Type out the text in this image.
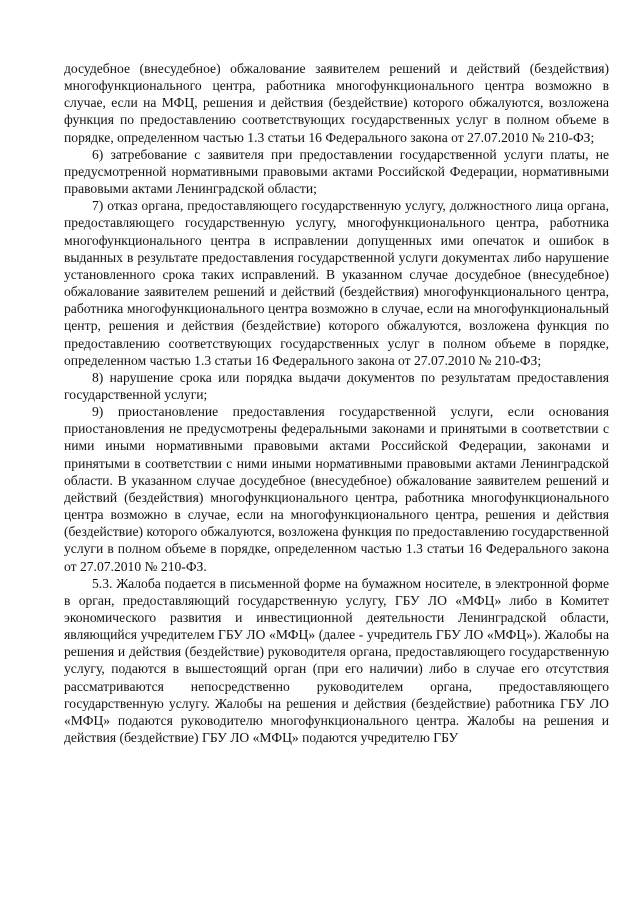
досудебное (внесудебное) обжалование заявителем решений и действий (бездействия) многофункционального центра, работника многофункционального центра возможно в случае, если на МФЦ, решения и действия (бездействие) которого обжалуются, возложена функция по предоставлению соответствующих государственных услуг в полном объеме в порядке, определенном частью 1.3 статьи 16 Федерального закона от 27.07.2010 № 210-ФЗ;

6) затребование с заявителя при предоставлении государственной услуги платы, не предусмотренной нормативными правовыми актами Российской Федерации, нормативными правовыми актами Ленинградской области;

7) отказ органа, предоставляющего государственную услугу, должностного лица органа, предоставляющего государственную услугу, многофункционального центра, работника многофункционального центра в исправлении допущенных ими опечаток и ошибок в выданных в результате предоставления государственной услуги документах либо нарушение установленного срока таких исправлений. В указанном случае досудебное (внесудебное) обжалование заявителем решений и действий (бездействия) многофункционального центра, работника многофункционального центра возможно в случае, если на многофункциональный центр, решения и действия (бездействие) которого обжалуются, возложена функция по предоставлению соответствующих государственных услуг в полном объеме в порядке, определенном частью 1.3 статьи 16 Федерального закона от 27.07.2010 № 210-ФЗ;

8) нарушение срока или порядка выдачи документов по результатам предоставления государственной услуги;

9) приостановление предоставления государственной услуги, если основания приостановления не предусмотрены федеральными законами и принятыми в соответствии с ними иными нормативными правовыми актами Российской Федерации, законами и принятыми в соответствии с ними иными нормативными правовыми актами Ленинградской области. В указанном случае досудебное (внесудебное) обжалование заявителем решений и действий (бездействия) многофункционального центра, работника многофункционального центра возможно в случае, если на многофункционального центра, решения и действия (бездействие) которого обжалуются, возложена функция по предоставлению государственной услуги в полном объеме в порядке, определенном частью 1.3 статьи 16 Федерального закона от 27.07.2010 № 210-ФЗ.

5.3. Жалоба подается в письменной форме на бумажном носителе, в электронной форме в орган, предоставляющий государственную услугу, ГБУ ЛО «МФЦ» либо в Комитет экономического развития и инвестиционной деятельности Ленинградской области, являющийся учредителем ГБУ ЛО «МФЦ» (далее - учредитель ГБУ ЛО «МФЦ»). Жалобы на решения и действия (бездействие) руководителя органа, предоставляющего государственную услугу, подаются в вышестоящий орган (при его наличии) либо в случае его отсутствия рассматриваются непосредственно руководителем органа, предоставляющего государственную услугу. Жалобы на решения и действия (бездействие) работника ГБУ ЛО «МФЦ» подаются руководителю многофункционального центра. Жалобы на решения и действия (бездействие) ГБУ ЛО «МФЦ» подаются учредителю ГБУ
